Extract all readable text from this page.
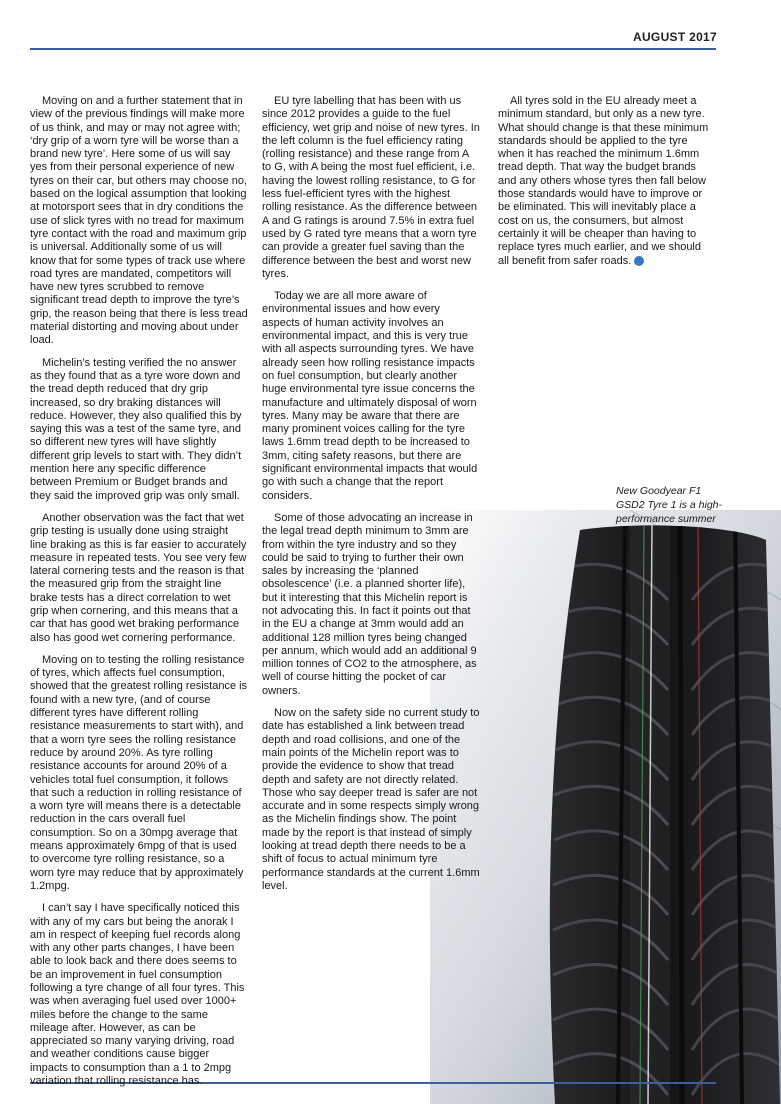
AUGUST 2017
New Goodyear F1 GSD2 Tyre 1 is a high-performance summer tyre

Moving on and a further statement that in view of the previous findings will make more of us think, and may or may not agree with; ‘dry grip of a worn tyre will be worse than a brand new tyre’. Here some of us will say yes from their personal experience of new tyres on their car, but others may choose no, based on the logical assumption that looking at motorsport sees that in dry conditions the use of slick tyres with no tread for maximum tyre contact with the road and maximum grip is universal. Additionally some of us will know that for some types of track use where road tyres are mandated, competitors will have new tyres scrubbed to remove significant tread depth to improve the tyre’s grip, the reason being that there is less tread material distorting and moving about under load.

Michelin’s testing verified the no answer as they found that as a tyre wore down and the tread depth reduced that dry grip increased, so dry braking distances will reduce. However, they also qualified this by saying this was a test of the same tyre, and so different new tyres will have slightly different grip levels to start with. They didn’t mention here any specific difference between Premium or Budget brands and they said the improved grip was only small.

Another observation was the fact that wet grip testing is usually done using straight line braking as this is far easier to accurately measure in repeated tests. You see very few lateral cornering tests and the reason is that the measured grip from the straight line brake tests has a direct correlation to wet grip when cornering, and this means that a car that has good wet braking performance also has good wet cornering performance.

Moving on to testing the rolling resistance of tyres, which affects fuel consumption, showed that the greatest rolling resistance is found with a new tyre, (and of course different tyres have different rolling resistance measurements to start with), and that a worn tyre sees the rolling resistance reduce by around 20%. As tyre rolling resistance accounts for around 20% of a vehicles total fuel consumption, it follows that such a reduction in rolling resistance of a worn tyre will means there is a detectable reduction in the cars overall fuel consumption. So on a 30mpg average that means approximately 6mpg of that is used to overcome tyre rolling resistance, so a worn tyre may reduce that by approximately 1.2mpg.

I can’t say I have specifically noticed this with any of my cars but being the anorak I am in respect of keeping fuel records along with any other parts changes, I have been able to look back and there does seems to be an improvement in fuel consumption following a tyre change of all four tyres. This was when averaging fuel used over 1000+ miles before the change to the same mileage after. However, as can be appreciated so many varying driving, road and weather conditions cause bigger impacts to consumption than a 1 to 2mpg variation that rolling resistance has.

EU tyre labelling that has been with us since 2012 provides a guide to the fuel efficiency, wet grip and noise of new tyres. In the left column is the fuel efficiency rating (rolling resistance) and these range from A to G, with A being the most fuel efficient, i.e. having the lowest rolling resistance, to G for less fuel-efficient tyres with the highest rolling resistance. As the difference between A and G ratings is around 7.5% in extra fuel used by G rated tyre means that a worn tyre can provide a greater fuel saving than the difference between the best and worst new tyres.

Today we are all more aware of environmental issues and how every aspects of human activity involves an environmental impact, and this is very true with all aspects surrounding tyres. We have already seen how rolling resistance impacts on fuel consumption, but clearly another huge environmental tyre issue concerns the manufacture and ultimately disposal of worn tyres. Many may be aware that there are many prominent voices calling for the tyre laws 1.6mm tread depth to be increased to 3mm, citing safety reasons, but there are significant environmental impacts that would go with such a change that the report considers.

Some of those advocating an increase in the legal tread depth minimum to 3mm are from within the tyre industry and so they could be said to trying to further their own sales by increasing the ‘planned obsolescence’ (i.e. a planned shorter life), but it interesting that this Michelin report is not advocating this. In fact it points out that in the EU a change at 3mm would add an additional 128 million tyres being changed per annum, which would add an additional 9 million tonnes of CO2 to the atmosphere, as well of course hitting the pocket of car owners.

Now on the safety side no current study to date has established a link between tread depth and road collisions, and one of the main points of the Michelin report was to provide the evidence to show that tread depth and safety are not directly related. Those who say deeper tread is safer are not accurate and in some respects simply wrong as the Michelin findings show. The point made by the report is that instead of simply looking at tread depth there needs to be a shift of focus to actual minimum tyre performance standards at the current 1.6mm level.

All tyres sold in the EU already meet a minimum standard, but only as a new tyre. What should change is that these minimum standards should be applied to the tyre when it has reached the minimum 1.6mm tread depth. That way the budget brands and any others whose tyres then fall below those standards would have to improve or be eliminated. This will inevitably place a cost on us, the consumers, but almost certainly it will be cheaper than having to replace tyres much earlier, and we should all benefit from safer roads. ●

27
